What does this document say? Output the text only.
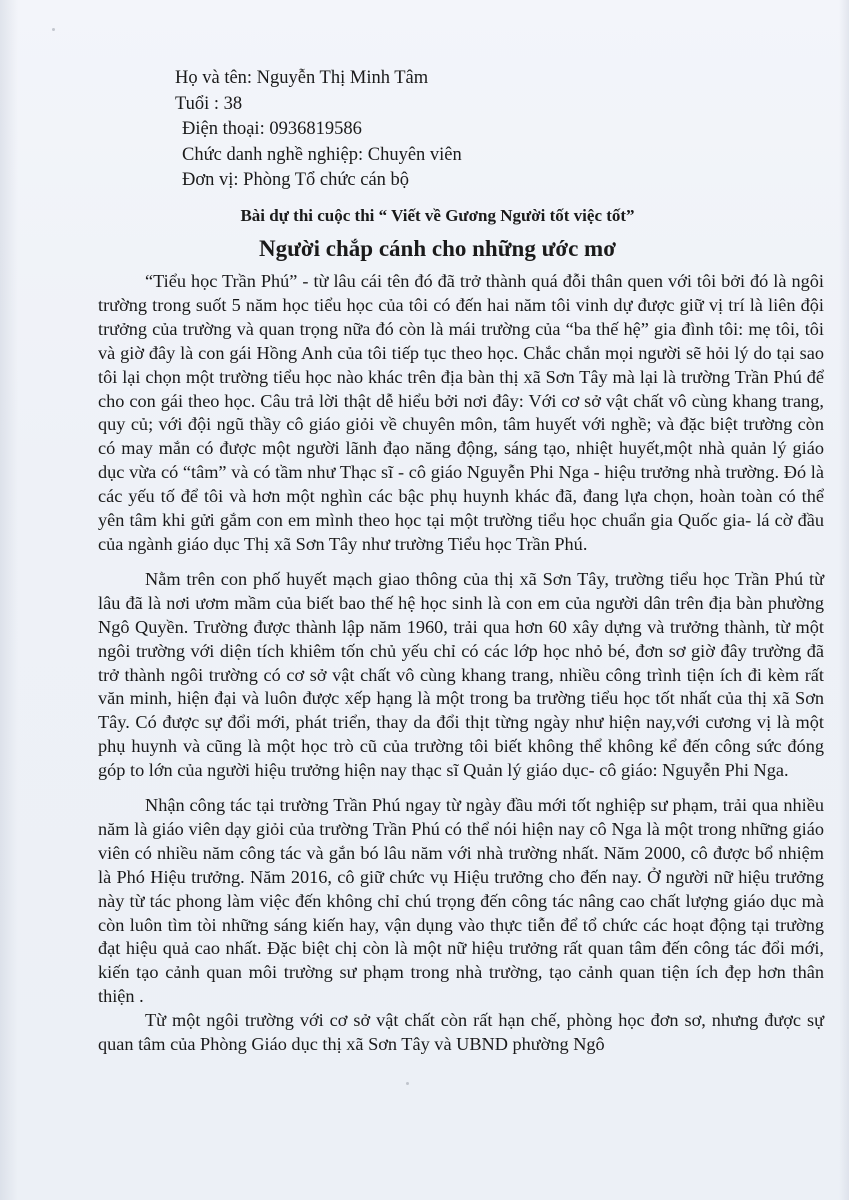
Họ và tên: Nguyễn Thị Minh Tâm
Tuổi : 38
Điện thoại: 0936819586
Chức danh nghề nghiệp: Chuyên viên
Đơn vị: Phòng Tổ chức cán bộ
Bài dự thi cuộc thi “ Viết về Gương Người tốt việc tốt”
Người chắp cánh cho những ước mơ

“Tiểu học Trần Phú” - từ lâu cái tên đó đã trở thành quá đỗi thân quen với tôi bởi đó là ngôi trường trong suốt 5 năm học tiểu học của tôi có đến hai năm tôi vinh dự được giữ vị trí là liên đội trưởng của trường và quan trọng nữa đó còn là mái trường của “ba thế hệ” gia đình tôi: mẹ tôi, tôi và giờ đây là con gái Hồng Anh của tôi tiếp tục theo học. Chắc chắn mọi người sẽ hỏi lý do tại sao tôi lại chọn một trường tiểu học nào khác trên địa bàn thị xã Sơn Tây mà lại là trường Trần Phú để cho con gái theo học. Câu trả lời thật dễ hiểu bởi nơi đây: Với cơ sở vật chất vô cùng khang trang, quy củ; với đội ngũ thầy cô giáo giỏi về chuyên môn, tâm huyết với nghề; và đặc biệt trường còn có may mắn có được một người lãnh đạo năng động, sáng tạo, nhiệt huyết,một nhà quản lý giáo dục vừa có “tâm” và có tầm như Thạc sĩ - cô giáo Nguyễn Phi Nga - hiệu trưởng nhà trường. Đó là các yếu tố để tôi và hơn một nghìn các bậc phụ huynh khác đã, đang lựa chọn, hoàn toàn có thể yên tâm khi gửi gắm con em mình theo học tại một trường tiểu học chuẩn gia Quốc gia- lá cờ đầu của ngành giáo dục Thị xã Sơn Tây như trường Tiểu học Trần Phú.

Nằm trên con phố huyết mạch giao thông của thị xã Sơn Tây, trường tiểu học Trần Phú từ lâu đã là nơi ươm mầm của biết bao thế hệ học sinh là con em của người dân trên địa bàn phường Ngô Quyền. Trường được thành lập năm 1960, trải qua hơn 60 xây dựng và trưởng thành, từ một ngôi trường với diện tích khiêm tốn chủ yếu chỉ có các lớp học nhỏ bé, đơn sơ giờ đây trường đã trở thành ngôi trường có cơ sở vật chất vô cùng khang trang, nhiều công trình tiện ích đi kèm rất văn minh, hiện đại và luôn được xếp hạng là một trong ba trường tiểu học tốt nhất của thị xã Sơn Tây. Có được sự đổi mới, phát triển, thay da đổi thịt từng ngày như hiện nay,với cương vị là một phụ huynh và cũng là một học trò cũ của trường tôi biết không thể không kể đến công sức đóng góp to lớn của người hiệu trưởng hiện nay thạc sĩ Quản lý giáo dục- cô giáo: Nguyễn Phi Nga.

Nhận công tác tại trường Trần Phú ngay từ ngày đầu mới tốt nghiệp sư phạm, trải qua nhiều năm là giáo viên dạy giỏi của trường Trần Phú có thể nói hiện nay cô Nga là một trong những giáo viên có nhiều năm công tác và gắn bó lâu năm với nhà trường nhất. Năm 2000, cô được bổ nhiệm là Phó Hiệu trưởng. Năm 2016, cô giữ chức vụ Hiệu trưởng cho đến nay. Ở người nữ hiệu trưởng này từ tác phong làm việc đến không chỉ chú trọng đến công tác nâng cao chất lượng giáo dục mà còn luôn tìm tòi những sáng kiến hay, vận dụng vào thực tiễn để tổ chức các hoạt động tại trường đạt hiệu quả cao nhất. Đặc biệt chị còn là một nữ hiệu trưởng rất quan tâm đến công tác đổi mới, kiến tạo cảnh quan môi trường sư phạm trong nhà trường, tạo cảnh quan tiện ích đẹp hơn thân thiện .

Từ một ngôi trường với cơ sở vật chất còn rất hạn chế, phòng học đơn sơ, nhưng được sự quan tâm của Phòng Giáo dục thị xã Sơn Tây và UBND phường Ngô
